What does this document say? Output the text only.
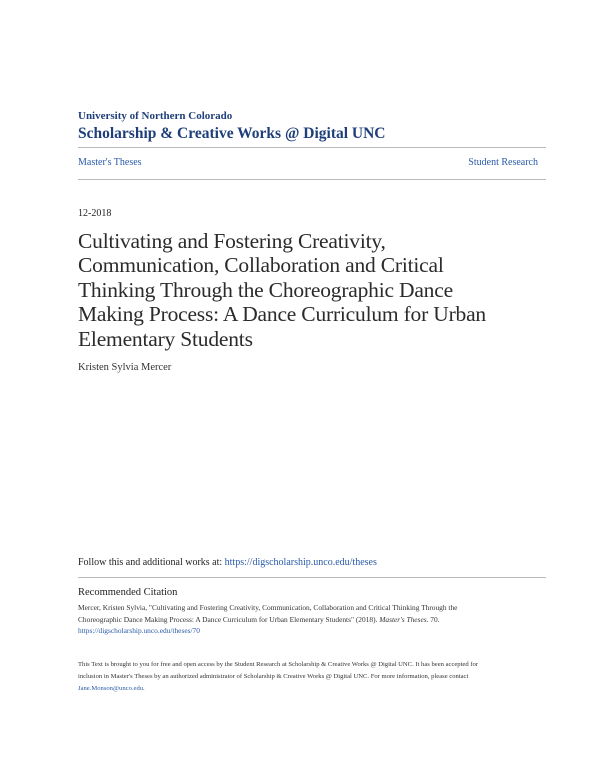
University of Northern Colorado
Scholarship & Creative Works @ Digital UNC
Master's Theses	Student Research
12-2018
Cultivating and Fostering Creativity,
Communication, Collaboration and Critical
Thinking Through the Choreographic Dance
Making Process: A Dance Curriculum for Urban
Elementary Students
Kristen Sylvia Mercer
Follow this and additional works at: https://digscholarship.unco.edu/theses
Recommended Citation
Mercer, Kristen Sylvia, "Cultivating and Fostering Creativity, Communication, Collaboration and Critical Thinking Through the
Choreographic Dance Making Process: A Dance Curriculum for Urban Elementary Students" (2018). Master's Theses. 70.
https://digscholarship.unco.edu/theses/70
This Text is brought to you for free and open access by the Student Research at Scholarship & Creative Works @ Digital UNC. It has been accepted for
inclusion in Master's Theses by an authorized administrator of Scholarship & Creative Works @ Digital UNC. For more information, please contact
Jane.Monson@unco.edu.
